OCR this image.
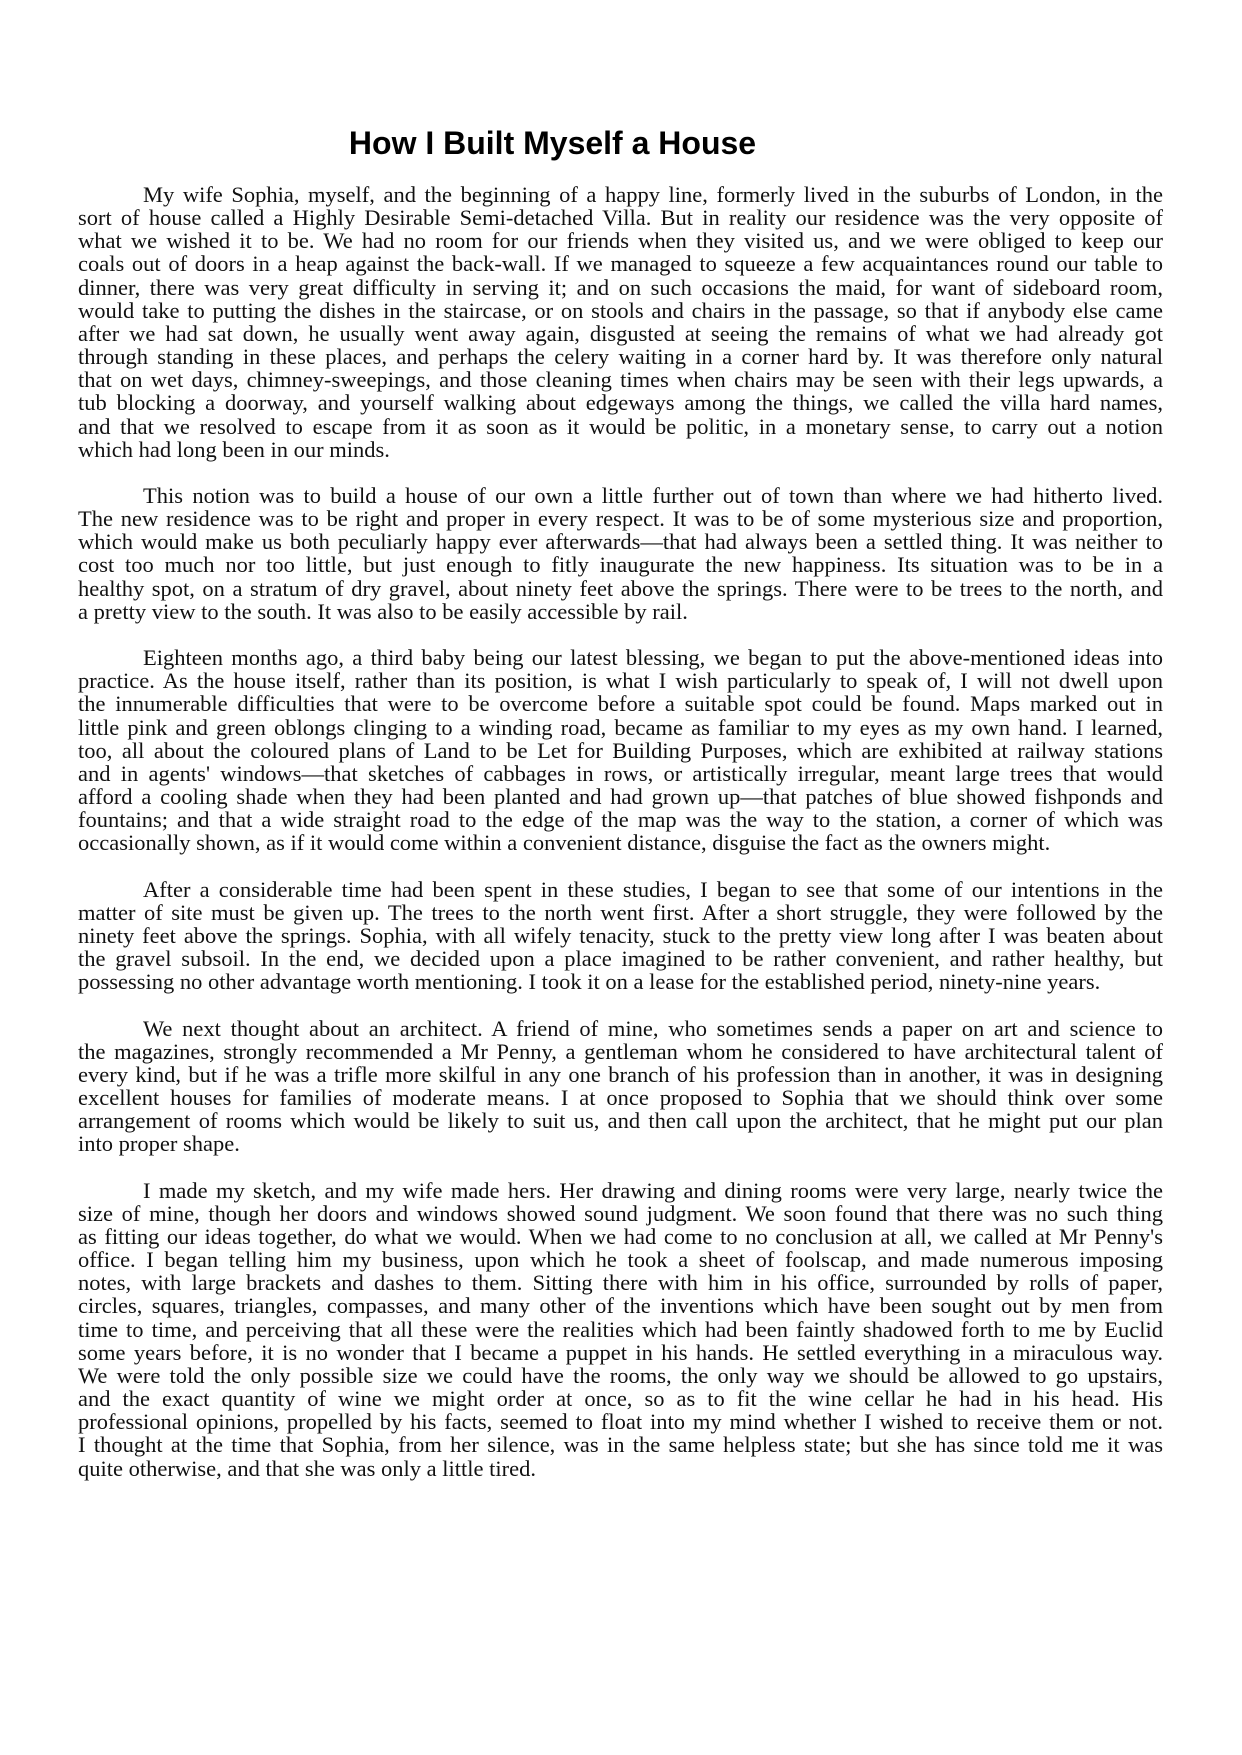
How I Built Myself a House
My wife Sophia, myself, and the beginning of a happy line, formerly lived in the suburbs of London, in the
sort of house called a Highly Desirable Semi-detached Villa. But in reality our residence was the very opposite of
what we wished it to be. We had no room for our friends when they visited us, and we were obliged to keep our
coals out of doors in a heap against the back-wall. If we managed to squeeze a few acquaintances round our table to
dinner, there was very great difficulty in serving it; and on such occasions the maid, for want of sideboard room,
would take to putting the dishes in the staircase, or on stools and chairs in the passage, so that if anybody else came
after we had sat down, he usually went away again, disgusted at seeing the remains of what we had already got
through standing in these places, and perhaps the celery waiting in a corner hard by. It was therefore only natural
that on wet days, chimney-sweepings, and those cleaning times when chairs may be seen with their legs upwards, a
tub blocking a doorway, and yourself walking about edgeways among the things, we called the villa hard names,
and that we resolved to escape from it as soon as it would be politic, in a monetary sense, to carry out a notion
which had long been in our minds.
This notion was to build a house of our own a little further out of town than where we had hitherto lived.
The new residence was to be right and proper in every respect. It was to be of some mysterious size and proportion,
which would make us both peculiarly happy ever afterwards—that had always been a settled thing. It was neither to
cost too much nor too little, but just enough to fitly inaugurate the new happiness. Its situation was to be in a
healthy spot, on a stratum of dry gravel, about ninety feet above the springs. There were to be trees to the north, and
a pretty view to the south. It was also to be easily accessible by rail.
Eighteen months ago, a third baby being our latest blessing, we began to put the above-mentioned ideas into
practice. As the house itself, rather than its position, is what I wish particularly to speak of, I will not dwell upon
the innumerable difficulties that were to be overcome before a suitable spot could be found. Maps marked out in
little pink and green oblongs clinging to a winding road, became as familiar to my eyes as my own hand. I learned,
too, all about the coloured plans of Land to be Let for Building Purposes, which are exhibited at railway stations
and in agents' windows—that sketches of cabbages in rows, or artistically irregular, meant large trees that would
afford a cooling shade when they had been planted and had grown up—that patches of blue showed fishponds and
fountains; and that a wide straight road to the edge of the map was the way to the station, a corner of which was
occasionally shown, as if it would come within a convenient distance, disguise the fact as the owners might.
After a considerable time had been spent in these studies, I began to see that some of our intentions in the
matter of site must be given up. The trees to the north went first. After a short struggle, they were followed by the
ninety feet above the springs. Sophia, with all wifely tenacity, stuck to the pretty view long after I was beaten about
the gravel subsoil. In the end, we decided upon a place imagined to be rather convenient, and rather healthy, but
possessing no other advantage worth mentioning. I took it on a lease for the established period, ninety-nine years.
We next thought about an architect. A friend of mine, who sometimes sends a paper on art and science to
the magazines, strongly recommended a Mr Penny, a gentleman whom he considered to have architectural talent of
every kind, but if he was a trifle more skilful in any one branch of his profession than in another, it was in designing
excellent houses for families of moderate means. I at once proposed to Sophia that we should think over some
arrangement of rooms which would be likely to suit us, and then call upon the architect, that he might put our plan
into proper shape.
I made my sketch, and my wife made hers. Her drawing and dining rooms were very large, nearly twice the
size of mine, though her doors and windows showed sound judgment. We soon found that there was no such thing
as fitting our ideas together, do what we would. When we had come to no conclusion at all, we called at Mr Penny's
office. I began telling him my business, upon which he took a sheet of foolscap, and made numerous imposing
notes, with large brackets and dashes to them. Sitting there with him in his office, surrounded by rolls of paper,
circles, squares, triangles, compasses, and many other of the inventions which have been sought out by men from
time to time, and perceiving that all these were the realities which had been faintly shadowed forth to me by Euclid
some years before, it is no wonder that I became a puppet in his hands. He settled everything in a miraculous way.
We were told the only possible size we could have the rooms, the only way we should be allowed to go upstairs,
and the exact quantity of wine we might order at once, so as to fit the wine cellar he had in his head. His
professional opinions, propelled by his facts, seemed to float into my mind whether I wished to receive them or not.
I thought at the time that Sophia, from her silence, was in the same helpless state; but she has since told me it was
quite otherwise, and that she was only a little tired.
